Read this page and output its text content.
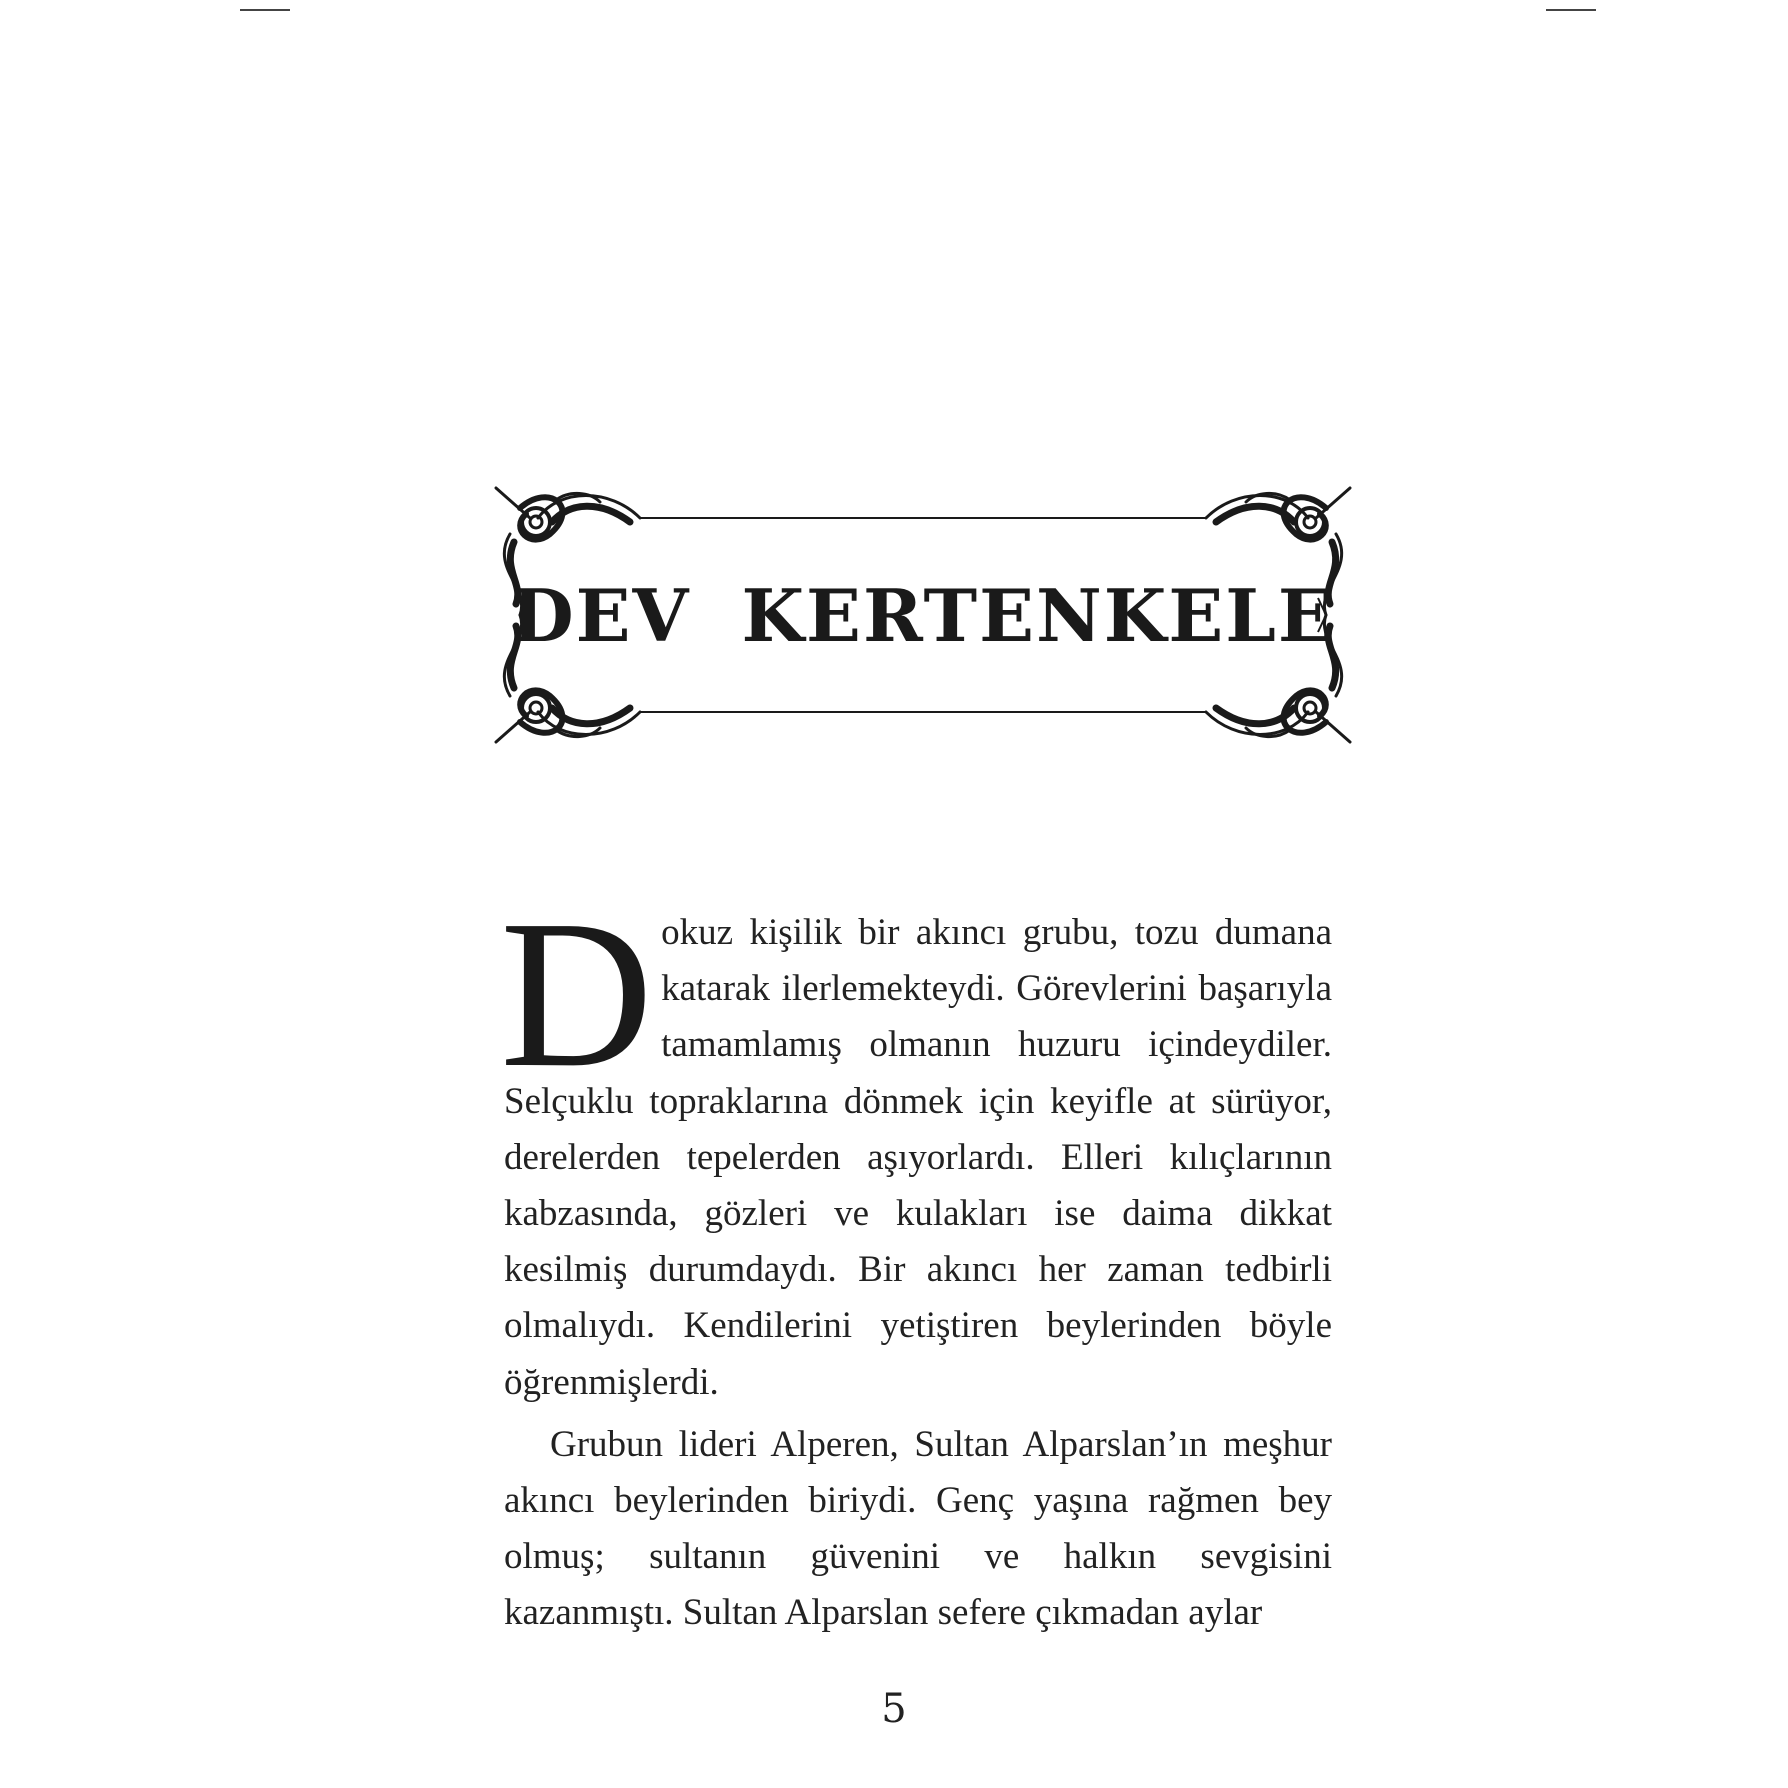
DEV KERTENKELE

Dokuz kişilik bir akıncı grubu, tozu dumana katarak ilerlemekteydi. Görevlerini başarıyla tamamlamış olmanın huzuru içindeydiler. Selçuklu topraklarına dönmek için keyifle at sürüyor, derelerden tepelerden aşıyorlardı. Elleri kılıçlarının kabzasında, gözleri ve kulakları ise daima dikkat kesilmiş durumdaydı. Bir akıncı her zaman tedbirli olmalıydı. Kendilerini yetiştiren beylerinden böyle öğrenmişlerdi.

Grubun lideri Alperen, Sultan Alparslan’ın meşhur akıncı beylerinden biriydi. Genç yaşına rağmen bey olmuş; sultanın güvenini ve halkın sevgisini kazanmıştı. Sultan Alparslan sefere çıkmadan aylar

5
